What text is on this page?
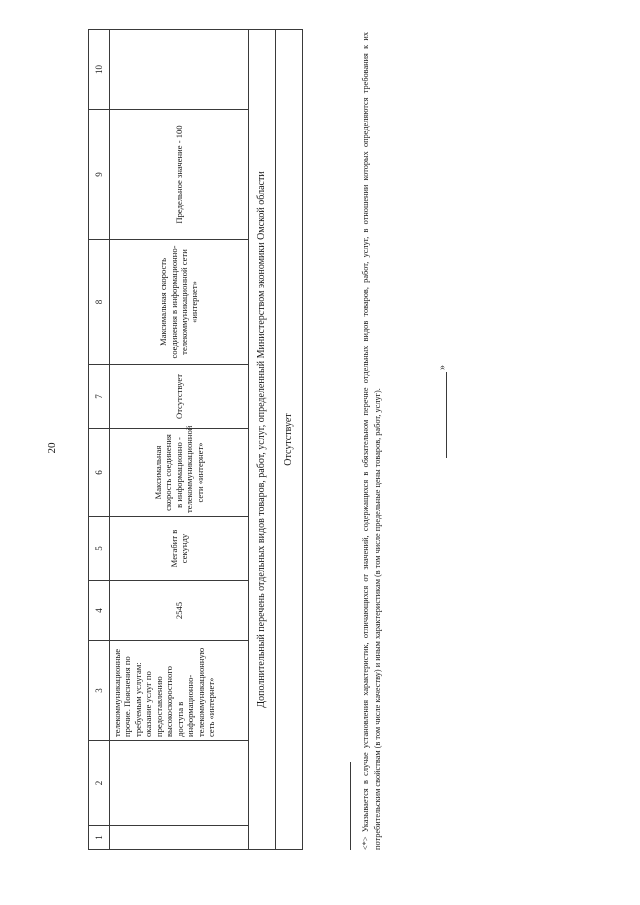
20
1	2	3	4	5	6	7	8	9	10
		телекоммуникационные прочие. Пояснения по требуемым услугам: оказание услуг по предоставлению высокоскоростного доступа в информационно-телекоммуникационную сеть «интернет»	2545	Мегабит в секунду	Максимальная скорость соединения в информационно - телекоммуникационной сети «интернет»	Отсутствует	Максимальная скорость соединения в информационно-телекоммуникационной сети «интернет»	Предельное значение - 100	
Дополнительный перечень отдельных видов товаров, работ, услуг, определенный Министерством экономики Омской области									
Отсутствует										<*> Указывается в случае установления характеристик, отличающихся от значений, содержащихся в обязательном перечне отдельных видов товаров, работ, услуг, в отношении которых определяются требования к их потребительским свойствам (в том числе качеству) и иным характеристикам (в том числе предельные цены товаров, работ, услуг).
»
